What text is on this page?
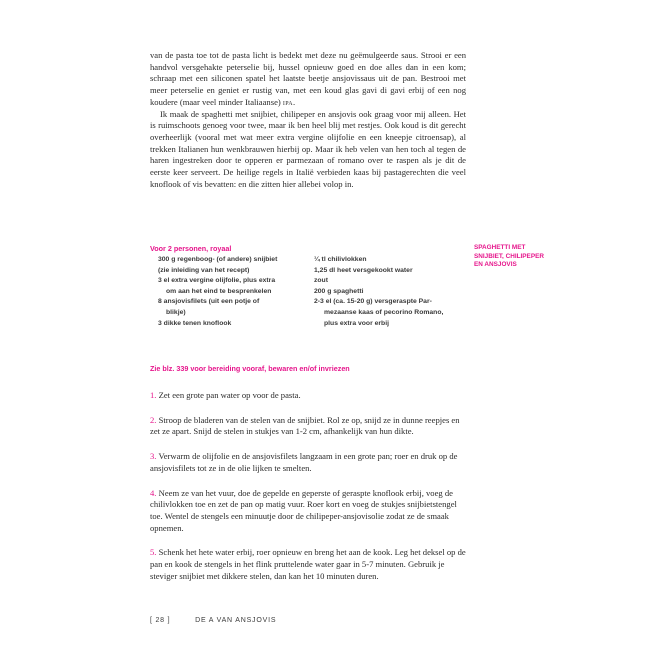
van de pasta toe tot de pasta licht is bedekt met deze nu geëmulgeerde saus. Strooi er een handvol versgehakte peterselie bij, hussel opnieuw goed en doe alles dan in een kom; schraap met een siliconen spatel het laatste beetje ansjovissaus uit de pan. Bestrooi met meer peterselie en geniet er rustig van, met een koud glas gavi di gavi erbij of een nog koudere (maar veel minder Italiaanse) ipa.

Ik maak de spaghetti met snijbiet, chilipeper en ansjovis ook graag voor mij alleen. Het is ruimschoots genoeg voor twee, maar ik ben heel blij met restjes. Ook koud is dit gerecht overheerlijk (vooral met wat meer extra vergine olijfolie en een kneepje citroensap), al trekken Italianen hun wenkbrauwen hierbij op. Maar ik heb velen van hen toch al tegen de haren ingestreken door te opperen er parmezaan of romano over te raspen als je dit de eerste keer serveert. De heilige regels in Italië verbieden kaas bij pastagerechten die veel knoflook of vis bevatten: en die zitten hier allebei volop in.

Voor 2 personen, royaal
300 g regenboog- (of andere) snijbiet
(zie inleiding van het recept)
3 el extra vergine olijfolie, plus extra
om aan het eind te besprenkelen
8 ansjovisfilets (uit een potje of
blikje)
3 dikke tenen knoflook
¼ tl chilivlokken
1,25 dl heet versgekookt water
zout
200 g spaghetti
2-3 el (ca. 15-20 g) versgeraspte Par-
mezaanse kaas of pecorino Romano,
plus extra voor erbij
SPAGHETTI MET SNIJBIET, CHILIPEPER EN ANSJOVIS
Zie blz. 339 voor bereiding vooraf, bewaren en/of invriezen

1. Zet een grote pan water op voor de pasta.

2. Stroop de bladeren van de stelen van de snijbiet. Rol ze op, snijd ze in dunne reepjes en zet ze apart. Snijd de stelen in stukjes van 1-2 cm, afhankelijk van hun dikte.

3. Verwarm de olijfolie en de ansjovisfilets langzaam in een grote pan; roer en druk op de ansjovisfilets tot ze in de olie lijken te smelten.

4. Neem ze van het vuur, doe de gepelde en geperste of geraspte knoflook erbij, voeg de chilivlokken toe en zet de pan op matig vuur. Roer kort en voeg de stukjes snijbietstengel toe. Wentel de stengels een minuutje door de chilipeper-ansjovisolie zodat ze de smaak opnemen.

5. Schenk het hete water erbij, roer opnieuw en breng het aan de kook. Leg het deksel op de pan en kook de stengels in het flink pruttelende water gaar in 5-7 minuten. Gebruik je steviger snijbiet met dikkere stelen, dan kan het 10 minuten duren.

[ 28 ]	DE A VAN ANSJOVIS
